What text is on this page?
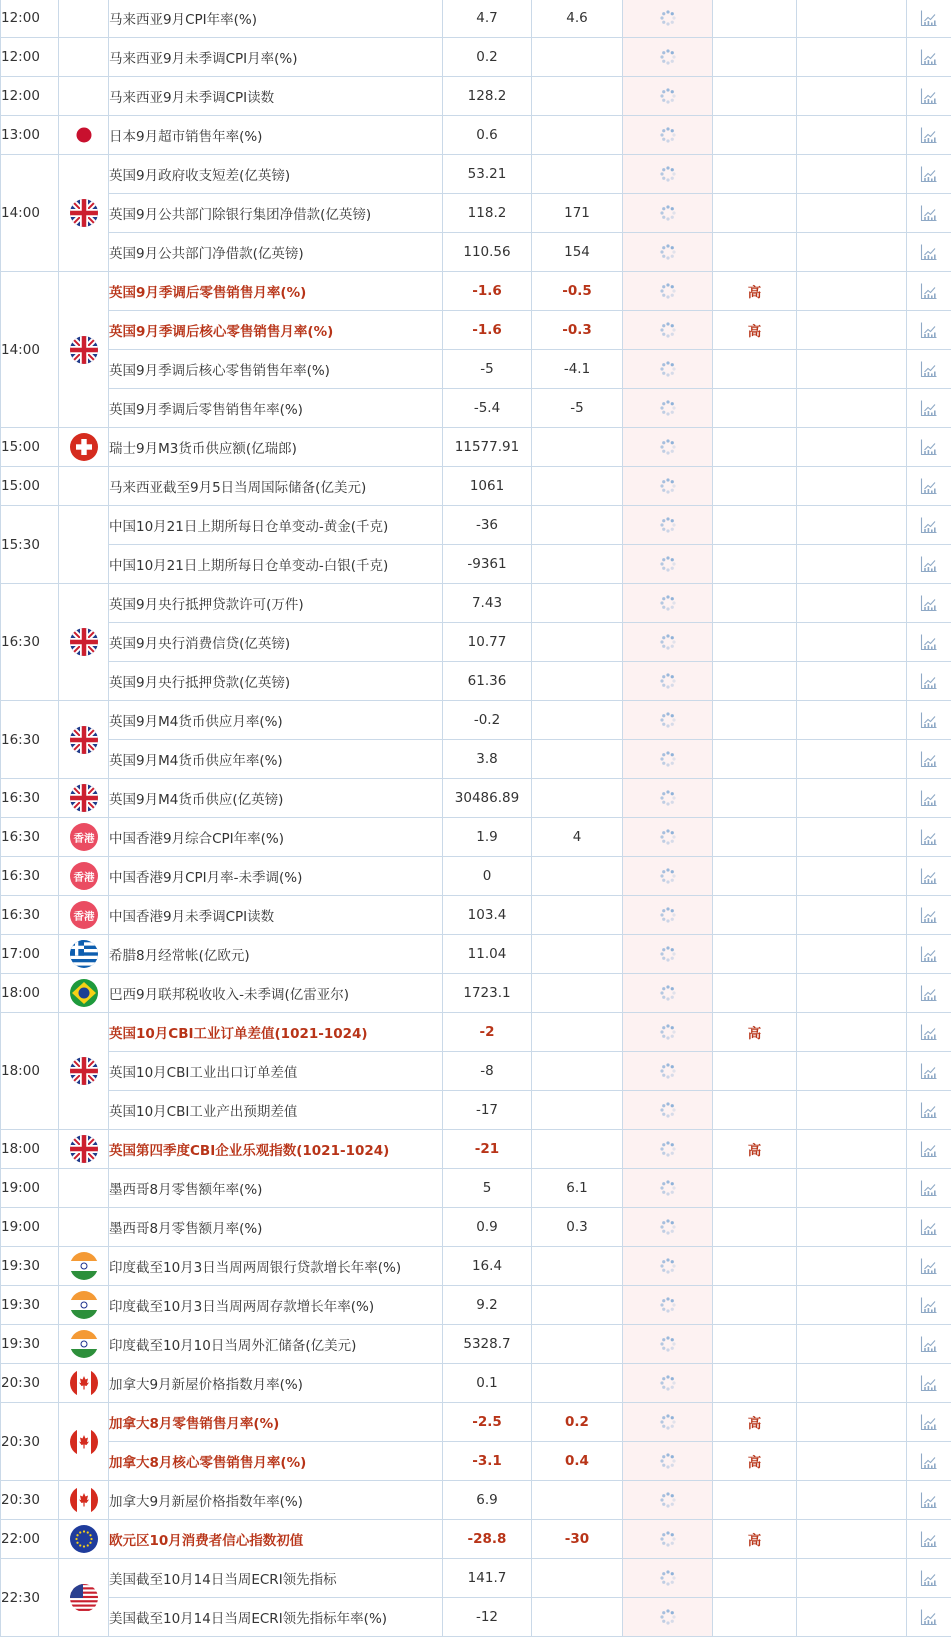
12:00		马来西亚9月CPI年率(%)	4.7	4.6	

12:00		马来西亚9月未季调CPI月率(%)	0.2		

12:00		马来西亚9月未季调CPI读数	128.2		

13:00		日本9月超市销售年率(%)	0.6		

14:00		英国9月政府收支短差(亿英镑)	53.21		

		英国9月公共部门除银行集团净借款(亿英镑)	118.2	171	

		英国9月公共部门净借款(亿英镑)	110.56	154	

14:00		英国9月季调后零售销售月率(%)	-1.6	-0.5		高		

		英国9月季调后核心零售销售月率(%)	-1.6	-0.3		高		

		英国9月季调后核心零售销售年率(%)	-5	-4.1	

		英国9月季调后零售销售年率(%)	-5.4	-5	

15:00		瑞士9月M3货币供应额(亿瑞郎)	11577.91		

15:00		马来西亚截至9月5日当周国际储备(亿美元)	1061		

15:30		中国10月21日上期所每日仓单变动-黄金(千克)	-36		

		中国10月21日上期所每日仓单变动-白银(千克)	-9361		

16:30		英国9月央行抵押贷款许可(万件)	7.43		

		英国9月央行消费信贷(亿英镑)	10.77		

		英国9月央行抵押贷款(亿英镑)	61.36		

16:30		英国9月M4货币供应月率(%)	-0.2		

		英国9月M4货币供应年率(%)	3.8		

16:30		英国9月M4货币供应(亿英镑)	30486.89		

16:30	香港	中国香港9月综合CPI年率(%)	1.9	4	

16:30	香港	中国香港9月CPI月率-未季调(%)	0		

16:30	香港	中国香港9月未季调CPI读数	103.4		

17:00		希腊8月经常帐(亿欧元)	11.04		

18:00		巴西9月联邦税收收入-未季调(亿雷亚尔)	1723.1		

18:00		英国10月CBI工业订单差值(1021-1024)	-2			高		

		英国10月CBI工业出口订单差值	-8		

		英国10月CBI工业产出预期差值	-17		

18:00		英国第四季度CBI企业乐观指数(1021-1024)	-21			高		

19:00		墨西哥8月零售额年率(%)	5	6.1	

19:00		墨西哥8月零售额月率(%)	0.9	0.3	

19:30		印度截至10月3日当周两周银行贷款增长年率(%)	16.4		

19:30		印度截至10月3日当周两周存款增长年率(%)	9.2		

19:30		印度截至10月10日当周外汇储备(亿美元)	5328.7		

20:30		加拿大9月新屋价格指数月率(%)	0.1		

20:30		加拿大8月零售销售月率(%)	-2.5	0.2		高		

		加拿大8月核心零售销售月率(%)	-3.1	0.4		高		

20:30		加拿大9月新屋价格指数年率(%)	6.9		

22:00		欧元区10月消费者信心指数初值	-28.8	-30		高		

22:30		美国截至10月14日当周ECRI领先指标	141.7		

		美国截至10月14日当周ECRI领先指标年率(%)	-12		
